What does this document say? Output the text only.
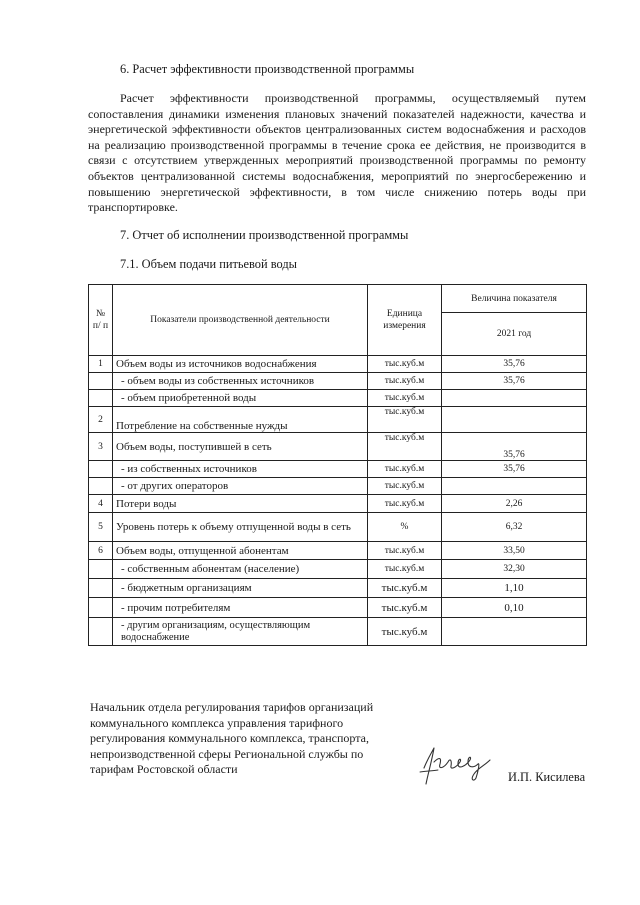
6. Расчет эффективности производственной программы
Расчет эффективности производственной программы, осуществляемый путем сопоставления динамики изменения плановых значений показателей надежности, качества и энергетической эффективности объектов централизованных систем водоснабжения и расходов на реализацию производственной программы в течение срока ее действия, не производится в связи с отсутствием утвержденных мероприятий производственной программы по ремонту объектов централизованной системы водоснабжения, мероприятий по энергосбережению и повышению энергетической эффективности, в том числе снижению потерь воды при транспортировке.
7. Отчет об исполнении производственной программы
7.1. Объем подачи питьевой воды
№ п/ п	Показатели производственной деятельности	Единица измерения	Величина показателя
			2021 год
1	Объем воды из источников водоснабжения	тыс.куб.м	35,76
	- объем воды из собственных источников	тыс.куб.м	35,76
	- объем приобретенной воды	тыс.куб.м	
2	Потребление на собственные нужды	тыс.куб.м	
3	Объем воды, поступившей в сеть	тыс.куб.м	35,76
	- из собственных источников	тыс.куб.м	35,76
	- от других операторов	тыс.куб.м	
4	Потери воды	тыс.куб.м	2,26
5	Уровень потерь к объему отпущенной воды в сеть	%	6,32
6	Объем воды, отпущенной абонентам	тыс.куб.м	33,50
	- собственным абонентам (население)	тыс.куб.м	32,30
	- бюджетным организациям	тыс.куб.м	1,10
	- прочим потребителям	тыс.куб.м	0,10
	- другим организациям, осуществляющим водоснабжение	тыс.куб.м	
Начальник отдела регулирования тарифов организаций коммунального комплекса управления тарифного регулирования коммунального комплекса, транспорта, непроизводственной сферы Региональной службы по тарифам Ростовской области
И.П. Кисилева
